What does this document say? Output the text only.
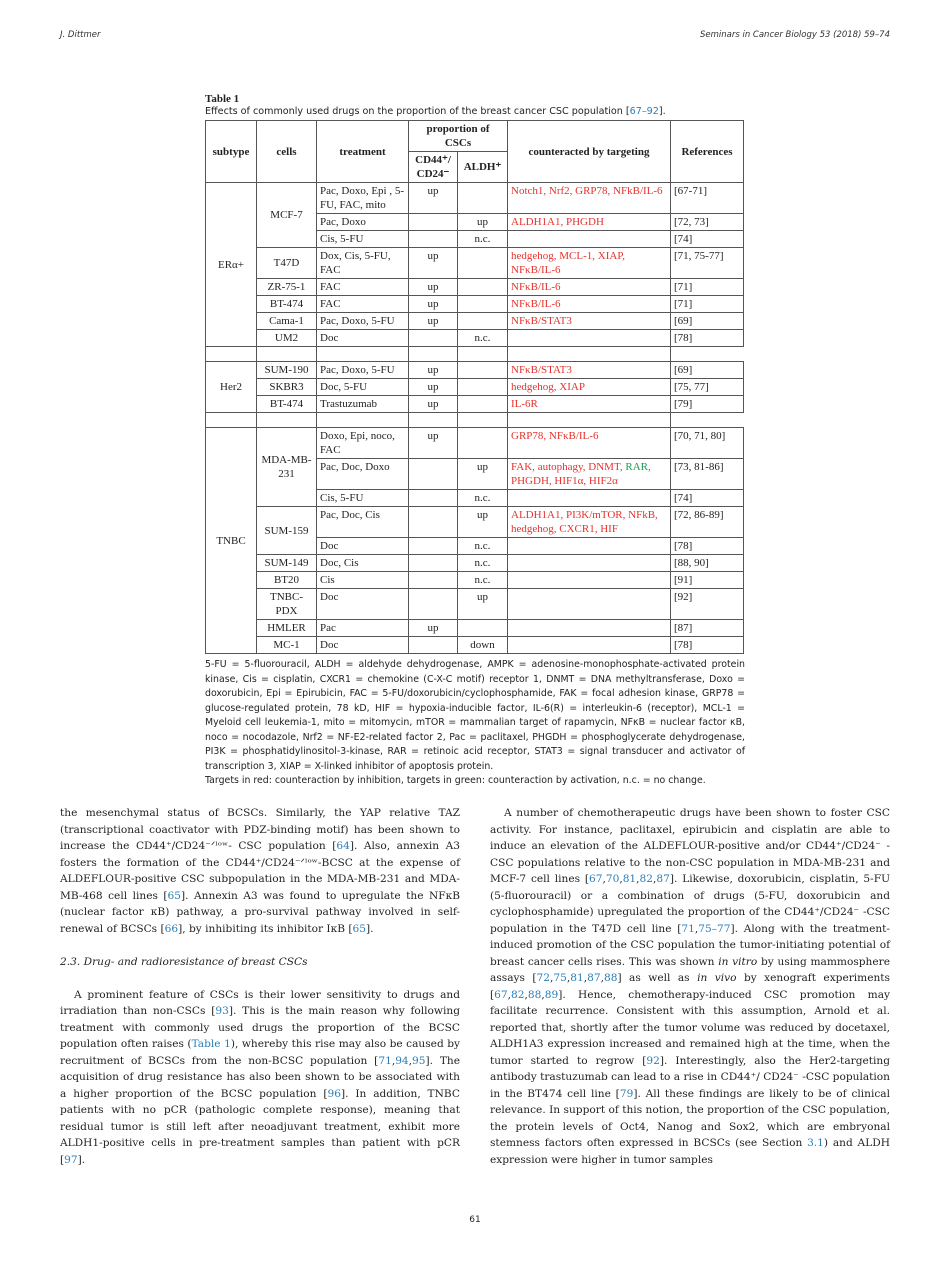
J. Dittmer	Seminars in Cancer Biology 53 (2018) 59–74
Table 1
Effects of commonly used drugs on the proportion of the breast cancer CSC population [67–92].
subtype	cells	treatment	proportion of CSCs		counteracted by targeting	References
			CD44⁺/ CD24⁻	ALDH⁺		
ERα+	MCF-7	Pac, Doxo, Epi , 5-FU, FAC, mito	up		Notch1, Nrf2, GRP78, NFkB/IL-6	[67-71]
		Pac, Doxo		up	ALDH1A1, PHGDH	[72, 73]
		Cis, 5-FU		n.c.		[74]
	T47D	Dox, Cis, 5-FU, FAC	up		hedgehog, MCL-1, XIAP, NFκB/IL-6	[71, 75-77]
	ZR-75-1	FAC	up		NFκB/IL-6	[71]
	BT-474	FAC	up		NFκB/IL-6	[71]
	Cama-1	Pac, Doxo, 5-FU	up		NFκB/STAT3	[69]
	UM2	Doc		n.c.		[78]

Her2	SUM-190	Pac, Doxo, 5-FU	up		NFκB/STAT3	[69]
	SKBR3	Doc, 5-FU	up		hedgehog, XIAP	[75, 77]
	BT-474	Trastuzumab	up		IL-6R	[79]

TNBC	MDA-MB-231	Doxo, Epi, noco, FAC	up		GRP78, NFκB/IL-6	[70, 71, 80]
		Pac, Doc, Doxo		up	FAK, autophagy, DNMT, RAR, PHGDH, HIF1α, HIF2α	[73, 81-86]
		Cis, 5-FU		n.c.		[74]
	SUM-159	Pac, Doc, Cis		up	ALDH1A1, PI3K/mTOR, NFkB, hedgehog, CXCR1, HIF	[72, 86-89]
		Doc		n.c.		[78]
	SUM-149	Doc, Cis		n.c.		[88, 90]
	BT20	Cis		n.c.		[91]
	TNBC-PDX	Doc		up		[92]
	HMLER	Pac	up			[87]
	MC-1	Doc		down		[78]
5-FU = 5-fluorouracil, ALDH = aldehyde dehydrogenase, AMPK = adenosine-monophosphate-activated protein kinase, Cis = cisplatin, CXCR1 = chemokine (C-X-C motif) receptor 1, DNMT = DNA methyltransferase, Doxo = doxorubicin, Epi = Epirubicin, FAC = 5-FU/doxorubicin/cyclophosphamide, FAK = focal adhesion kinase, GRP78 = glucose-regulated protein, 78 kD, HIF = hypoxia-inducible factor, IL-6(R) = interleukin-6 (receptor), MCL-1 = Myeloid cell leukemia-1, mito = mitomycin, mTOR = mammalian target of rapamycin, NFκB = nuclear factor κB, noco = nocodazole, Nrf2 = NF-E2-related factor 2, Pac = paclitaxel, PHGDH = phosphoglycerate dehydrogenase, PI3K = phosphatidylinositol-3-kinase, RAR = retinoic acid receptor, STAT3 = signal transducer and activator of transcription 3, XIAP = X-linked inhibitor of apoptosis protein.
Targets in red: counteraction by inhibition, targets in green: counteraction by activation, n.c. = no change.

the mesenchymal status of BCSCs. Similarly, the YAP relative TAZ (transcriptional coactivator with PDZ-binding motif) has been shown to increase the CD44⁺/CD24⁻ᐟˡᵒʷ- CSC population [64]. Also, annexin A3 fosters the formation of the CD44⁺/CD24⁻ᐟˡᵒʷ-BCSC at the expense of ALDEFLOUR-positive CSC subpopulation in the MDA-MB-231 and MDA-MB-468 cell lines [65]. Annexin A3 was found to upregulate the NFκB (nuclear factor κB) pathway, a pro-survival pathway involved in self-renewal of BCSCs [66], by inhibiting its inhibitor IκB [65].

2.3. Drug- and radioresistance of breast CSCs

A prominent feature of CSCs is their lower sensitivity to drugs and irradiation than non-CSCs [93]. This is the main reason why following treatment with commonly used drugs the proportion of the BCSC population often raises (Table 1), whereby this rise may also be caused by recruitment of BCSCs from the non-BCSC population [71,94,95]. The acquisition of drug resistance has also been shown to be associated with a higher proportion of the BCSC population [96]. In addition, TNBC patients with no pCR (pathologic complete response), meaning that residual tumor is still left after neoadjuvant treatment, exhibit more ALDH1-positive cells in pre-treatment samples than patient with pCR [97].

A number of chemotherapeutic drugs have been shown to foster CSC activity. For instance, paclitaxel, epirubicin and cisplatin are able to induce an elevation of the ALDEFLOUR-positive and/or CD44⁺/CD24⁻ -CSC populations relative to the non-CSC population in MDA-MB-231 and MCF-7 cell lines [67,70,81,82,87]. Likewise, doxorubicin, cisplatin, 5-FU (5-fluorouracil) or a combination of drugs (5-FU, doxorubicin and cyclophosphamide) upregulated the proportion of the CD44⁺/CD24⁻ -CSC population in the T47D cell line [71,75–77]. Along with the treatment-induced promotion of the CSC population the tumor-initiating potential of breast cancer cells rises. This was shown in vitro by using mammosphere assays [72,75,81,87,88] as well as in vivo by xenograft experiments [67,82,88,89]. Hence, chemotherapy-induced CSC promotion may facilitate recurrence. Consistent with this assumption, Arnold et al. reported that, shortly after the tumor volume was reduced by docetaxel, ALDH1A3 expression increased and remained high at the time, when the tumor started to regrow [92]. Interestingly, also the Her2-targeting antibody trastuzumab can lead to a rise in CD44⁺/ CD24⁻ -CSC population in the BT474 cell line [79]. All these findings are likely to be of clinical relevance. In support of this notion, the proportion of the CSC population, the protein levels of Oct4, Nanog and Sox2, which are embryonal stemness factors often expressed in BCSCs (see Section 3.1) and ALDH expression were higher in tumor samples

61
